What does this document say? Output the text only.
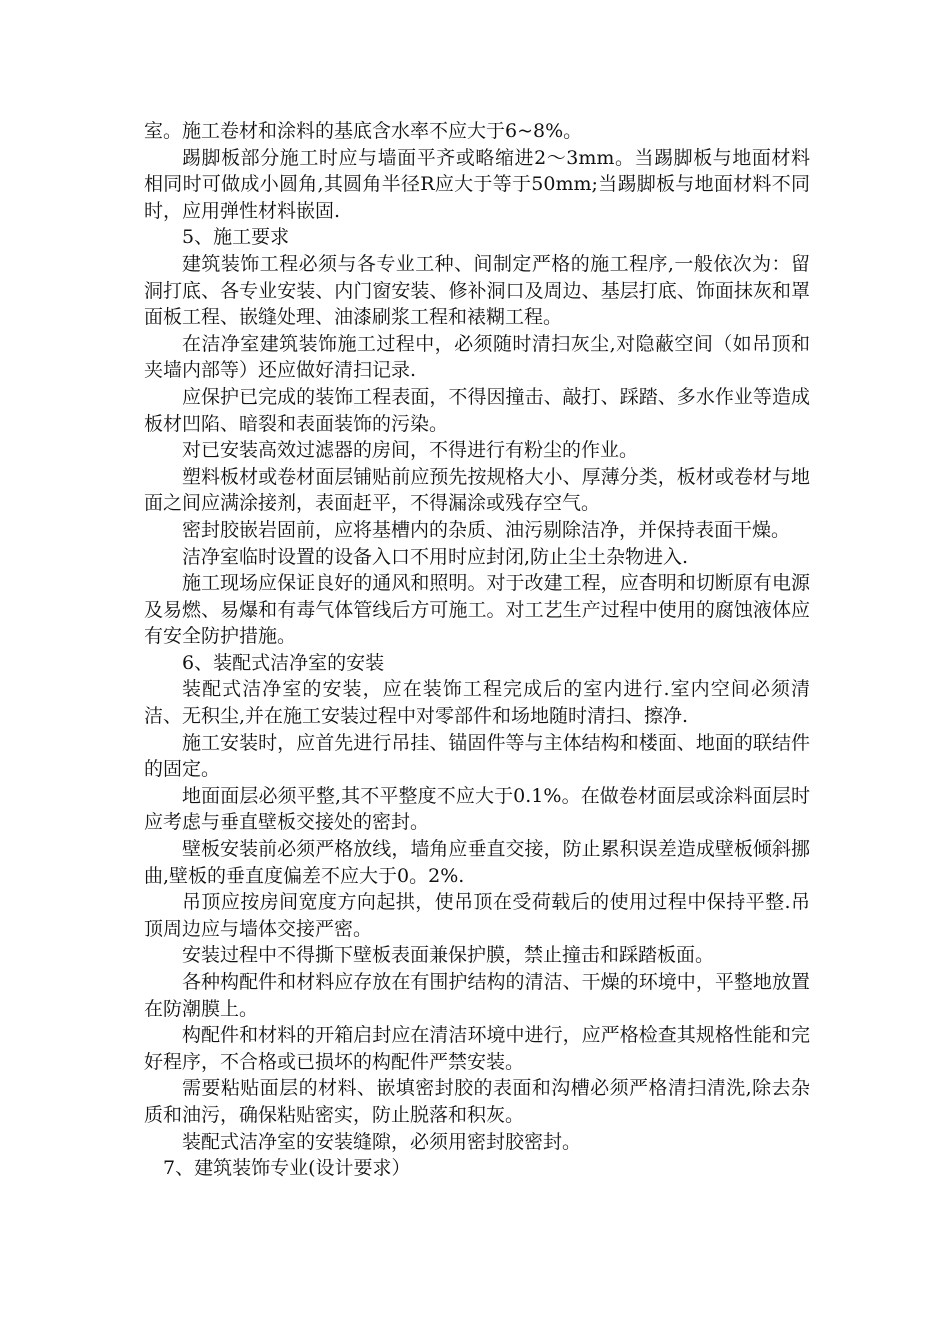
室。施工卷材和涂料的基底含水率不应大于6~8%。

踢脚板部分施工时应与墙面平齐或略缩进2～3mm。当踢脚板与地面材料相同时可做成小圆角,其圆角半径R应大于等于50mm;当踢脚板与地面材料不同时，应用弹性材料嵌固.

5、施工要求

建筑装饰工程必须与各专业工种、间制定严格的施工程序,一般依次为：留洞打底、各专业安装、内门窗安装、修补洞口及周边、基层打底、饰面抹灰和罩面板工程、嵌缝处理、油漆刷浆工程和裱糊工程。

在洁净室建筑装饰施工过程中，必须随时清扫灰尘,对隐蔽空间（如吊顶和夹墙内部等）还应做好清扫记录.

应保护已完成的装饰工程表面，不得因撞击、敲打、踩踏、多水作业等造成板材凹陷、暗裂和表面装饰的污染。

对已安装高效过滤器的房间，不得进行有粉尘的作业。

塑料板材或卷材面层铺贴前应预先按规格大小、厚薄分类，板材或卷材与地面之间应满涂接剂，表面赶平，不得漏涂或残存空气。

密封胶嵌岩固前，应将基槽内的杂质、油污剔除洁净，并保持表面干燥。

洁净室临时设置的设备入口不用时应封闭,防止尘土杂物进入.

施工现场应保证良好的通风和照明。对于改建工程，应杳明和切断原有电源及易燃、易爆和有毒气体管线后方可施工。对工艺生产过程中使用的腐蚀液体应有安全防护措施。

6、装配式洁净室的安装

装配式洁净室的安装，应在装饰工程完成后的室内进行.室内空间必须清洁、无积尘,并在施工安装过程中对零部件和场地随时清扫、擦净.

施工安装时，应首先进行吊挂、锚固件等与主体结构和楼面、地面的联结件的固定。

地面面层必须平整,其不平整度不应大于0.1%。在做卷材面层或涂料面层时应考虑与垂直壁板交接处的密封。

壁板安装前必须严格放线，墙角应垂直交接，防止累积误差造成壁板倾斜挪曲,壁板的垂直度偏差不应大于0。2%.

吊顶应按房间宽度方向起拱，使吊顶在受荷载后的使用过程中保持平整.吊顶周边应与墙体交接严密。

安装过程中不得撕下壁板表面兼保护膜，禁止撞击和踩踏板面。

各种构配件和材料应存放在有围护结构的清洁、干燥的环境中，平整地放置在防潮膜上。

构配件和材料的开箱启封应在清洁环境中进行，应严格检查其规格性能和完好程序，不合格或已损坏的构配件严禁安装。

需要粘贴面层的材料、嵌填密封胶的表面和沟槽必须严格清扫清洗,除去杂质和油污，确保粘贴密实，防止脱落和积灰。

装配式洁净室的安装缝隙，必须用密封胶密封。

7、建筑装饰专业(设计要求）
